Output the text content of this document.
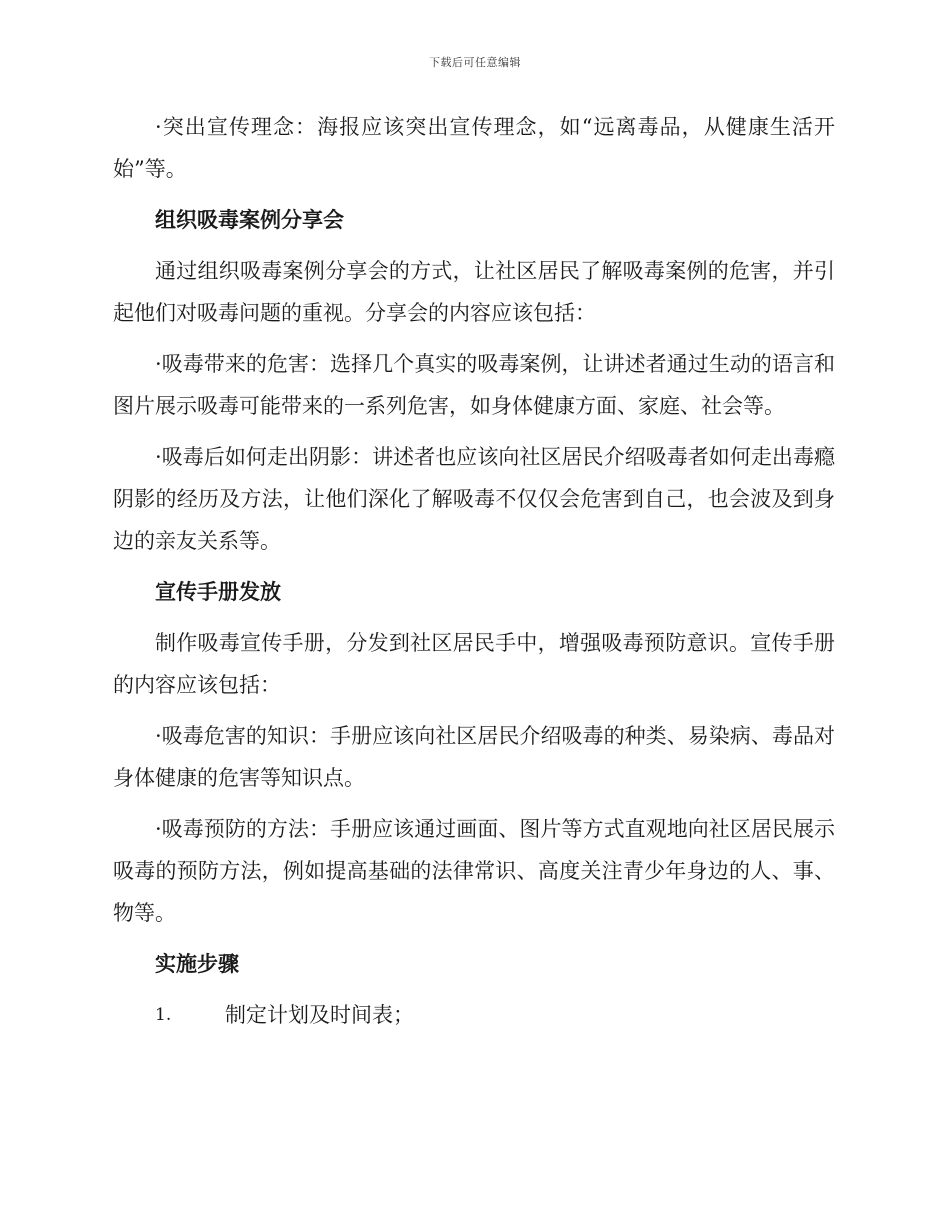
下载后可任意编辑

·突出宣传理念：海报应该突出宣传理念，如“远离毒品，从健康生活开始”等。

组织吸毒案例分享会

通过组织吸毒案例分享会的方式，让社区居民了解吸毒案例的危害，并引起他们对吸毒问题的重视。分享会的内容应该包括：

·吸毒带来的危害：选择几个真实的吸毒案例，让讲述者通过生动的语言和图片展示吸毒可能带来的一系列危害，如身体健康方面、家庭、社会等。

·吸毒后如何走出阴影：讲述者也应该向社区居民介绍吸毒者如何走出毒瘾阴影的经历及方法，让他们深化了解吸毒不仅仅会危害到自己，也会波及到身边的亲友关系等。

宣传手册发放

制作吸毒宣传手册，分发到社区居民手中，增强吸毒预防意识。宣传手册的内容应该包括：

·吸毒危害的知识：手册应该向社区居民介绍吸毒的种类、易染病、毒品对身体健康的危害等知识点。

·吸毒预防的方法：手册应该通过画面、图片等方式直观地向社区居民展示吸毒的预防方法，例如提高基础的法律常识、高度关注青少年身边的人、事、物等。

实施步骤
1.	制定计划及时间表；
